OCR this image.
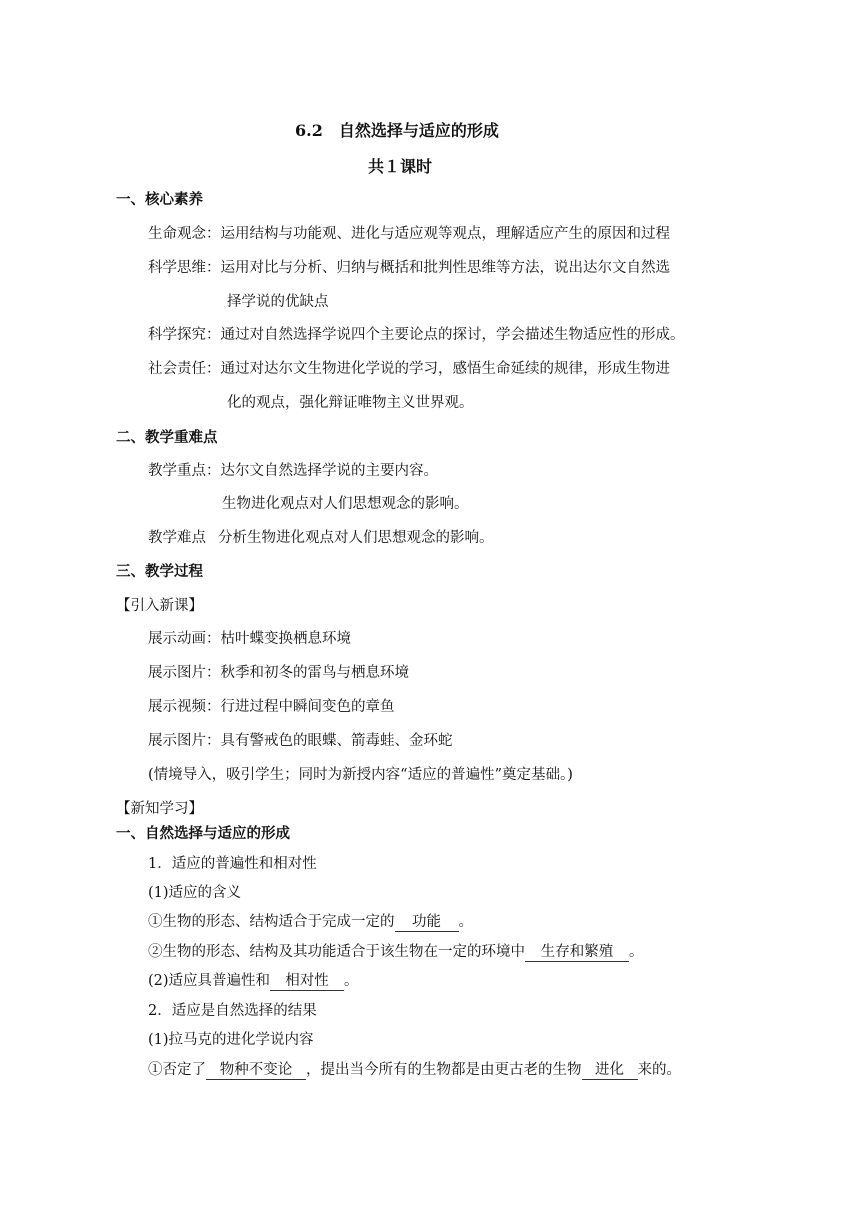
6.2　自然选择与适应的形成
共１课时
一、核心素养
生命观念：运用结构与功能观、进化与适应观等观点，理解适应产生的原因和过程
科学思维：运用对比与分析、归纳与概括和批判性思维等方法，说出达尔文自然选
择学说的优缺点
科学探究：通过对自然选择学说四个主要论点的探讨，学会描述生物适应性的形成。
社会责任：通过对达尔文生物进化学说的学习，感悟生命延续的规律，形成生物进
化的观点，强化辩证唯物主义世界观。
二、教学重难点
教学重点：达尔文自然选择学说的主要内容。
生物进化观点对人们思想观念的影响。
教学难点 分析生物进化观点对人们思想观念的影响。
三、教学过程
【引入新课】
展示动画：枯叶蝶变换栖息环境
展示图片：秋季和初冬的雷鸟与栖息环境
展示视频：行进过程中瞬间变色的章鱼
展示图片：具有警戒色的眼蝶、箭毒蛙、金环蛇
(情境导入，吸引学生；同时为新授内容“适应的普遍性”奠定基础。)
【新知学习】
一、自然选择与适应的形成
1．适应的普遍性和相对性
(1)适应的含义
①生物的形态、结构适合于完成一定的 功能 。
②生物的形态、结构及其功能适合于该生物在一定的环境中 生存和繁殖 。
(2)适应具普遍性和 相对性 。
2．适应是自然选择的结果
(1)拉马克的进化学说内容
①否定了 物种不变论 ，提出当今所有的生物都是由更古老的生物 进化 来的。
